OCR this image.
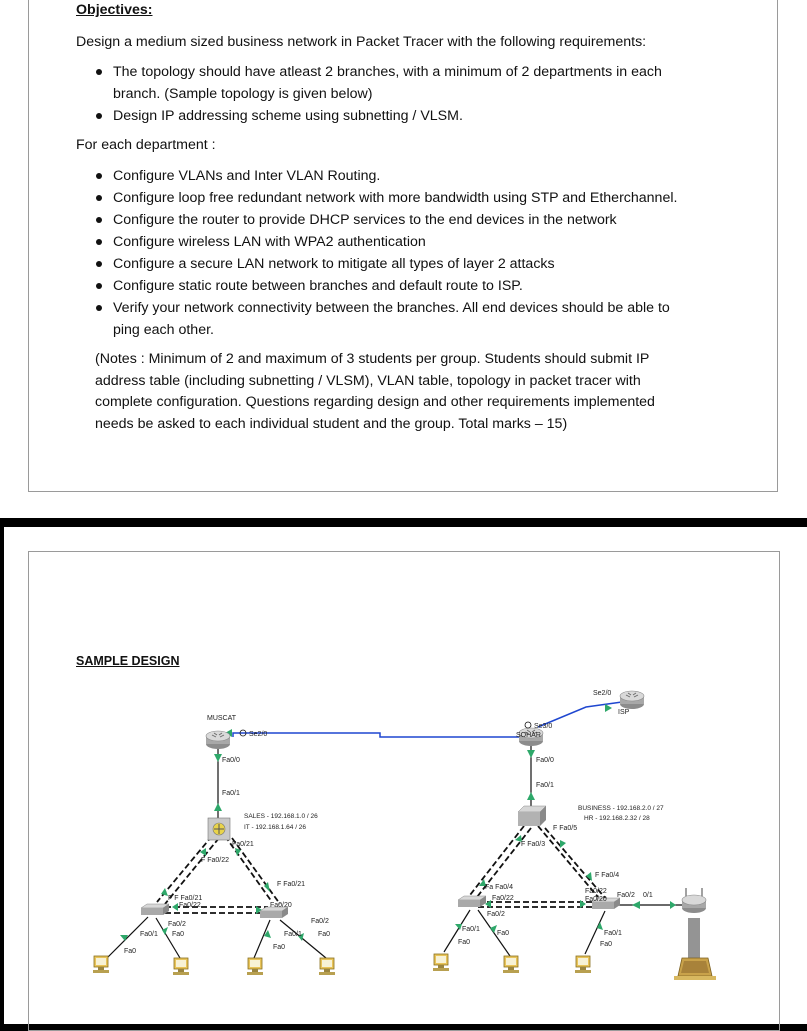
Objectives:
Design a medium sized business network in Packet Tracer with the following requirements:
The topology should have atleast 2 branches, with a minimum of 2 departments in each
branch. (Sample topology is given below)
Design IP addressing scheme using subnetting / VLSM.
For each department :
Configure VLANs and Inter VLAN Routing.
Configure loop free redundant network with more bandwidth using STP and Etherchannel.
Configure the router to provide DHCP services to the end devices in the network
Configure wireless LAN with WPA2 authentication
Configure a secure LAN network to mitigate all types of layer 2 attacks
Configure static route between branches and default route to ISP.
Verify your network connectivity between the branches. All end devices should be able to
ping each other.
(Notes : Minimum of 2 and maximum of 3 students per group. Students should submit IP
address table (including subnetting / VLSM), VLAN table, topology in packet tracer with
complete configuration. Questions regarding design and other requirements implemented
needs be asked to each individual student and the group. Total marks – 15)
SAMPLE DESIGN
MUSCAT
Se2/0
Fa0/0
Fa0/1
SALES - 192.168.1.0 / 26
IT - 192.168.1.64 / 26
Fa0/21
F Fa0/22
F Fa0/21
F F Fa0/21
Fa0/22	Fa0/20
Fa0/2
Fa0/1 Fa0
Fa0
Fa0/2
Fa0/1 Fa0
Fa0
Se2/0
ISP
Se3/0
SOHAR
Fa0/0
Fa0/1
BUSINESS - 192.168.2.0 / 27
HR - 192.168.2.32 / 28
F Fa0/5
F Fa0/3
F Fa0/4
Fa Fa0/4
Fa0/22
Fa0/22
Fa0/20
Fa0/2 0/1
Fa0/2
Fa0/1
Fa0
Fa0
Fa0/1
Fa0
